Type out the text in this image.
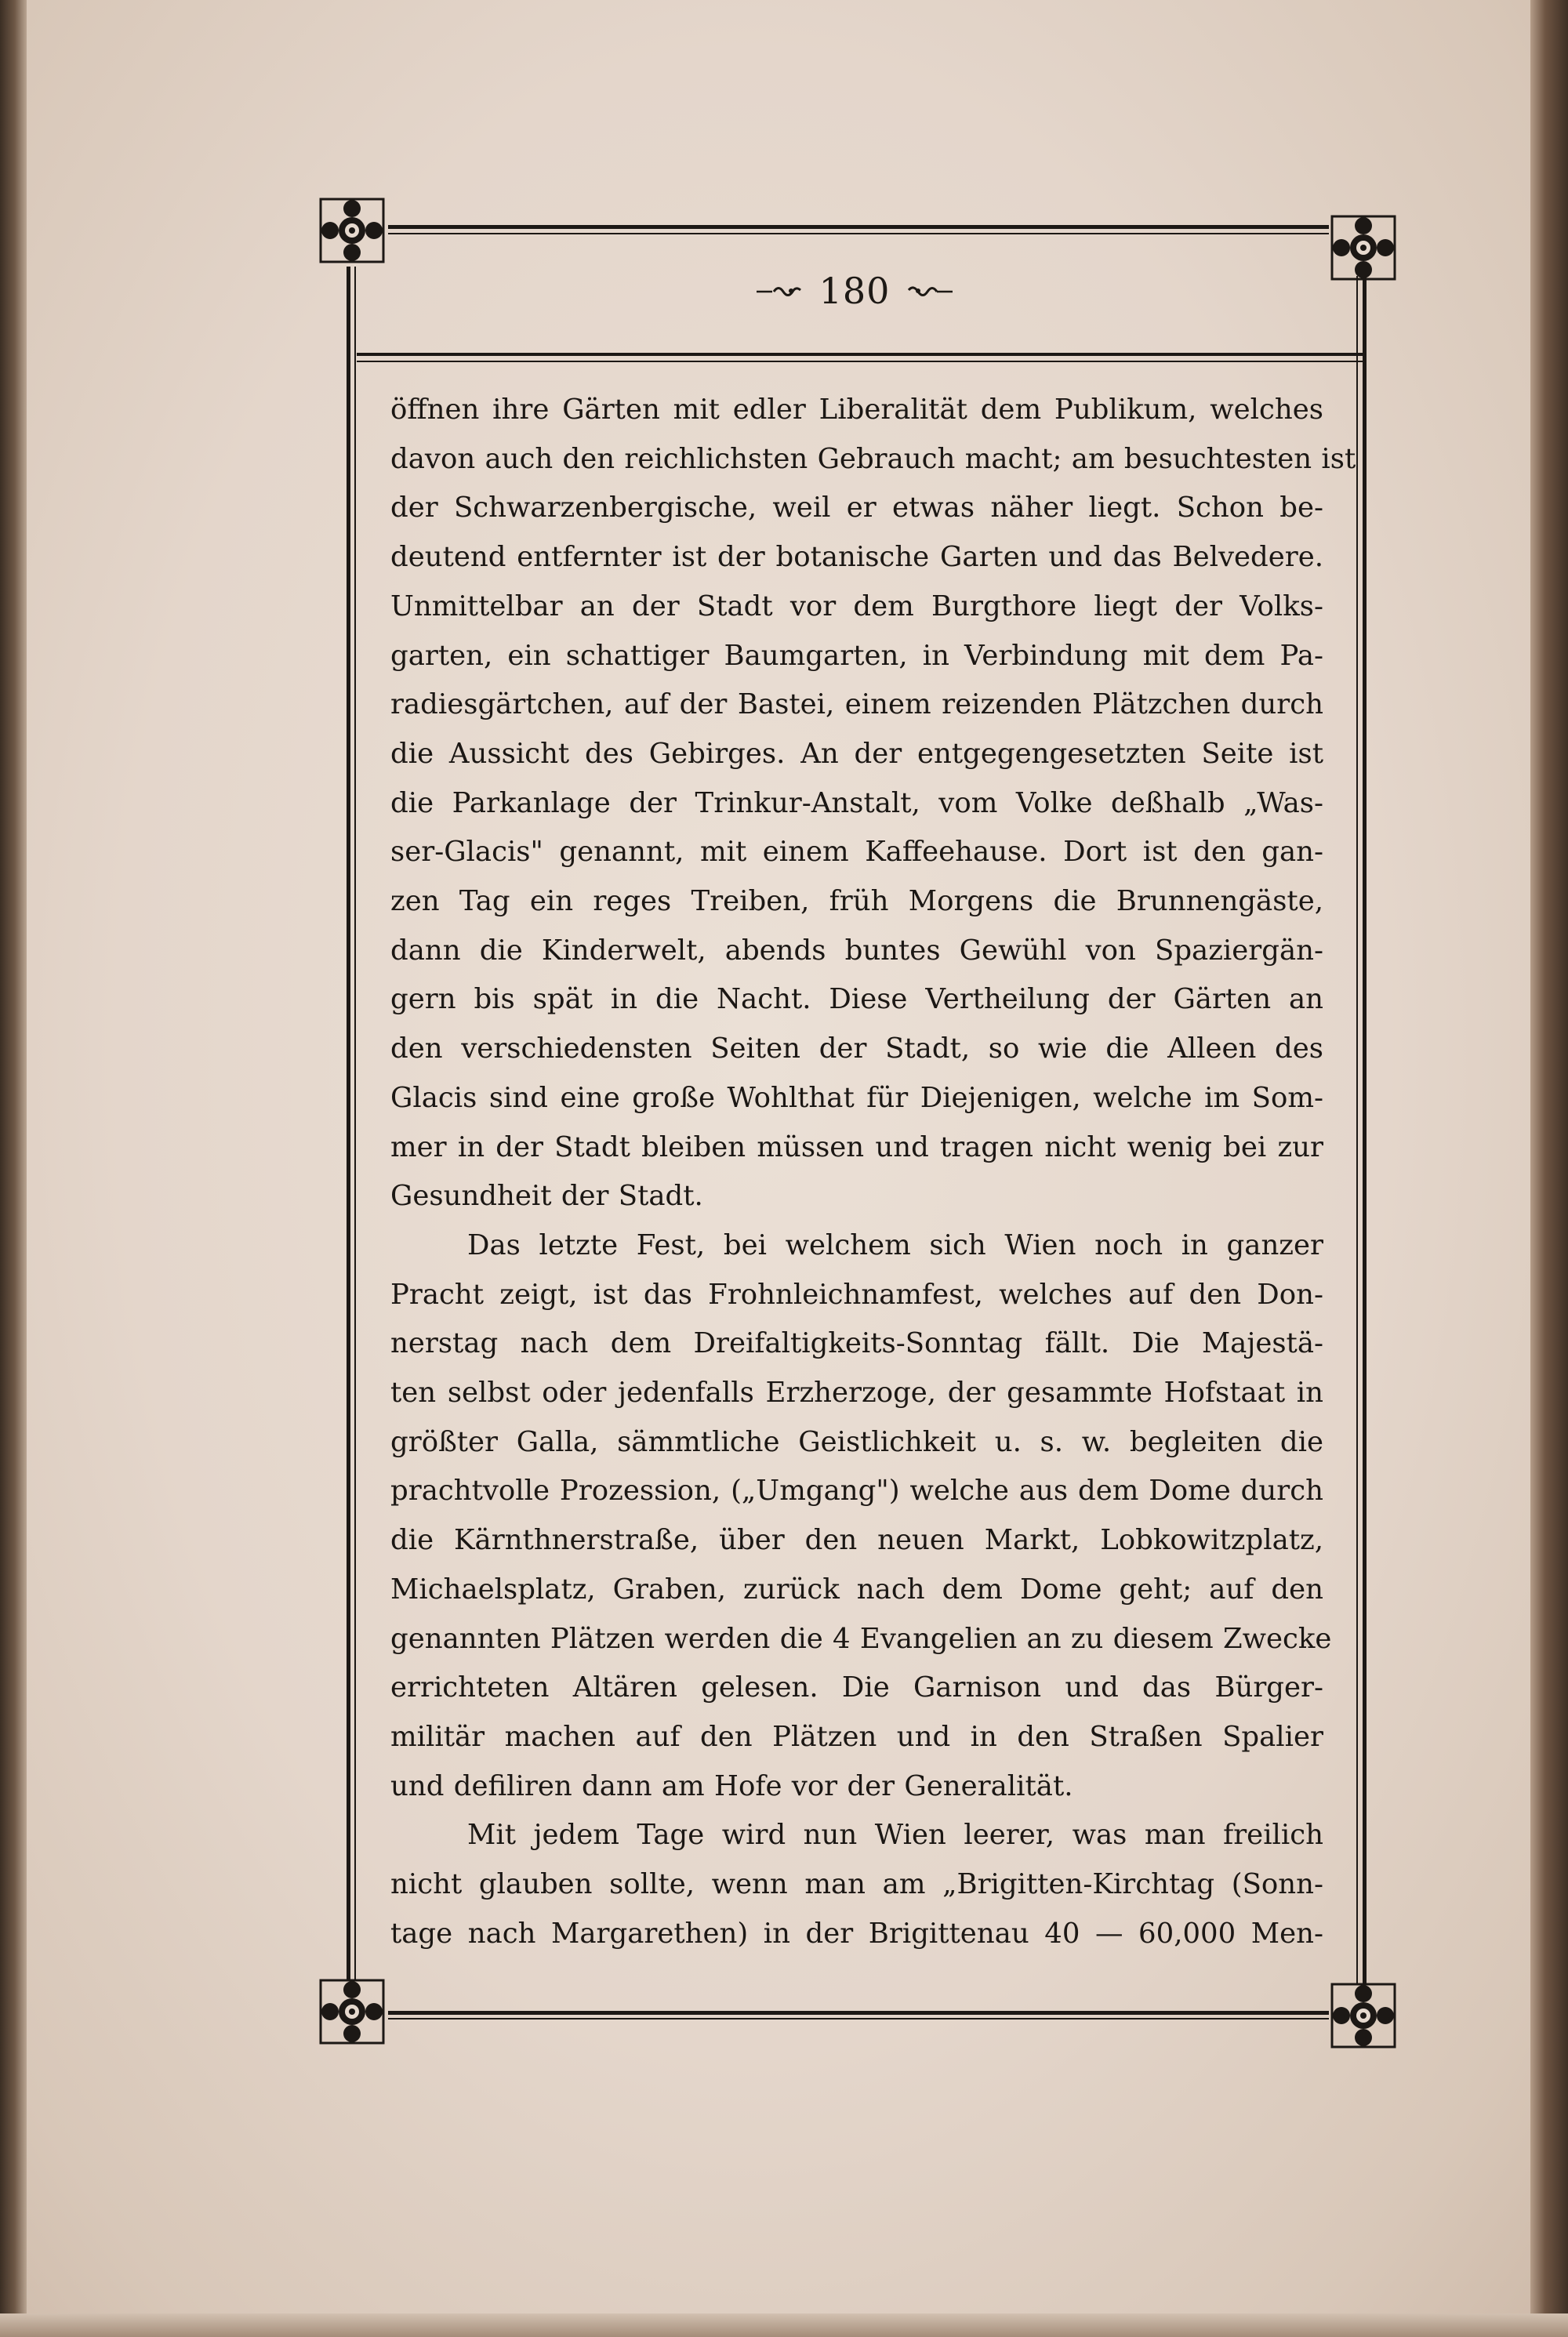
180

öffnen ihre Gärten mit edler Liberalität dem Publikum, welches
davon auch den reichlichsten Gebrauch macht; am besuchtesten ist
der Schwarzenbergische, weil er etwas näher liegt. Schon be-
deutend entfernter ist der botanische Garten und das Belvedere.
Unmittelbar an der Stadt vor dem Burgthore liegt der Volks-
garten, ein schattiger Baumgarten, in Verbindung mit dem Pa-
radiesgärtchen, auf der Bastei, einem reizenden Plätzchen durch
die Aussicht des Gebirges. An der entgegengesetzten Seite ist
die Parkanlage der Trinkur-Anstalt, vom Volke deßhalb „Was-
ser-Glacis" genannt, mit einem Kaffeehause. Dort ist den gan-
zen Tag ein reges Treiben, früh Morgens die Brunnengäste,
dann die Kinderwelt, abends buntes Gewühl von Spaziergän-
gern bis spät in die Nacht. Diese Vertheilung der Gärten an
den verschiedensten Seiten der Stadt, so wie die Alleen des
Glacis sind eine große Wohlthat für Diejenigen, welche im Som-
mer in der Stadt bleiben müssen und tragen nicht wenig bei zur
Gesundheit der Stadt.

Das letzte Fest, bei welchem sich Wien noch in ganzer
Pracht zeigt, ist das Frohnleichnamfest, welches auf den Don-
nerstag nach dem Dreifaltigkeits-Sonntag fällt. Die Majestä-
ten selbst oder jedenfalls Erzherzoge, der gesammte Hofstaat in
größter Galla, sämmtliche Geistlichkeit u. s. w. begleiten die
prachtvolle Prozession, („Umgang") welche aus dem Dome durch
die Kärnthnerstraße, über den neuen Markt, Lobkowitzplatz,
Michaelsplatz, Graben, zurück nach dem Dome geht; auf den
genannten Plätzen werden die 4 Evangelien an zu diesem Zwecke
errichteten Altären gelesen. Die Garnison und das Bürger-
militär machen auf den Plätzen und in den Straßen Spalier
und defiliren dann am Hofe vor der Generalität.

Mit jedem Tage wird nun Wien leerer, was man freilich
nicht glauben sollte, wenn man am „Brigitten-Kirchtag (Sonn-
tage nach Margarethen) in der Brigittenau 40 — 60,000 Men-
